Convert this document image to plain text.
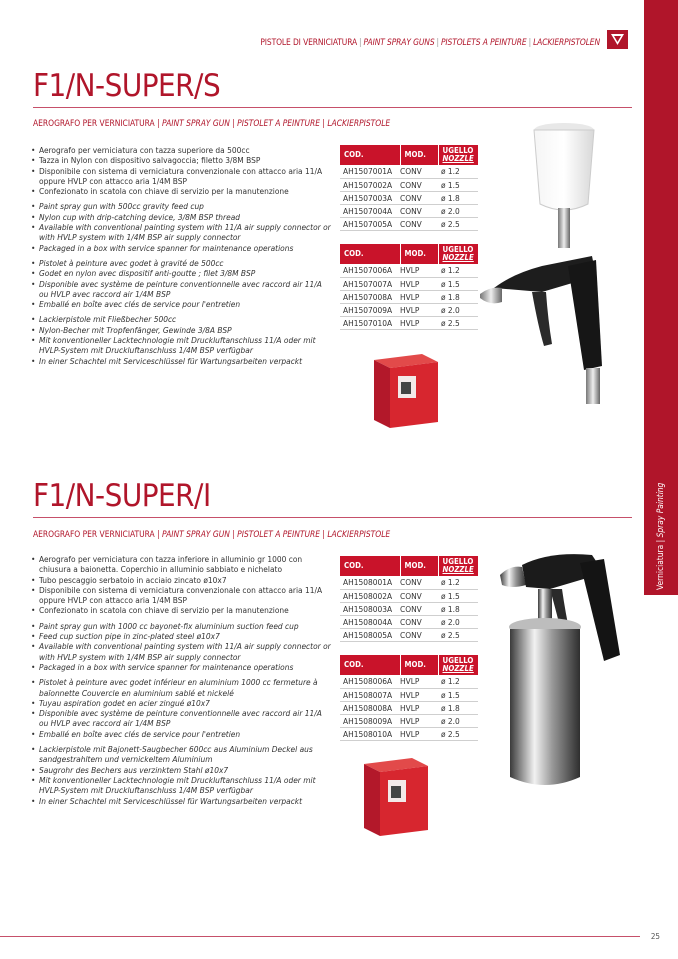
PISTOLE DI VERNICIATURA | PAINT SPRAY GUNS | PISTOLETS A PEINTURE | LACKIERPISTOLEN
Verniciatura | Spray Painting
F1/N-SUPER/S
AEROGRAFO PER VERNICIATURA | PAINT SPRAY GUN | PISTOLET A PEINTURE | LACKIERPISTOLE
• Aerografo per verniciatura con tazza superiore da 500cc
• Tazza in Nylon con dispositivo salvagoccia; filetto 3/8M BSP
• Disponibile con sistema di verniciatura convenzionale con attacco aria 11/A oppure HVLP con attacco aria 1/4M BSP
• Confezionato in scatola con chiave di servizio per la manutenzione
• Paint spray gun with 500cc gravity feed cup
• Nylon cup with drip-catching device, 3/8M BSP thread
• Available with conventional painting system with 11/A air supply connector or with HVLP system with 1/4M BSP air supply connector
• Packaged in a box with service spanner for maintenance operations
• Pistolet à peinture avec godet à gravité de 500cc
• Godet en nylon avec dispositif anti-goutte ; filet 3/8M BSP
• Disponible avec système de peinture conventionnelle avec raccord air 11/A ou HVLP avec raccord air 1/4M BSP
• Emballé en boîte avec clés de service pour l'entretien
• Lackierpistole mit Fließbecher 500cc
• Nylon-Becher mit Tropfenfänger, Gewinde 3/8A BSP
• Mit konventioneller Lacktechnologie mit Druckluftanschluss 11/A oder mit HVLP-System mit Druckluftanschluss 1/4M BSP verfügbar
• In einer Schachtel mit Serviceschlüssel für Wartungsarbeiten verpackt
COD.	MOD.	UGELLO
NOZZLE

AH1507001A	CONV	ø 1.2
AH1507002A	CONV	ø 1.5
AH1507003A	CONV	ø 1.8
AH1507004A	CONV	ø 2.0
AH1507005A	CONV	ø 2.5
COD.	MOD.	UGELLO
NOZZLE

AH1507006A	HVLP	ø 1.2
AH1507007A	HVLP	ø 1.5
AH1507008A	HVLP	ø 1.8
AH1507009A	HVLP	ø 2.0
AH1507010A	HVLP	ø 2.5
F1/N-SUPER/I
AEROGRAFO PER VERNICIATURA | PAINT SPRAY GUN | PISTOLET A PEINTURE | LACKIERPISTOLE
• Aerografo per verniciatura con tazza inferiore in alluminio gr 1000 con chiusura a baionetta. Coperchio in alluminio sabbiato e nichelato
• Tubo pescaggio serbatoio in acciaio zincato ø10x7
• Disponibile con sistema di verniciatura convenzionale con attacco aria 11/A oppure HVLP con attacco aria 1/4M BSP
• Confezionato in scatola con chiave di servizio per la manutenzione
• Paint spray gun with 1000 cc bayonet-fix aluminium suction feed cup
• Feed cup suction pipe in zinc-plated steel ø10x7
• Available with conventional painting system with 11/A air supply connector or with HVLP system with 1/4M BSP air supply connector
• Packaged in a box with service spanner for maintenance operations
• Pistolet à peinture avec godet inférieur en aluminium 1000 cc fermeture à baïonnette Couvercle en aluminium sablé et nickelé
• Tuyau aspiration godet en acier zingué ø10x7
• Disponible avec système de peinture conventionnelle avec raccord air 11/A ou HVLP avec raccord air 1/4M BSP
• Emballé en boîte avec clés de service pour l'entretien
• Lackierpistole mit Bajonett-Saugbecher 600cc aus Aluminium Deckel aus sandgestrahltem und vernickeltem Aluminium
• Saugrohr des Bechers aus verzinktem Stahl ø10x7
• Mit konventioneller Lacktechnologie mit Druckluftanschluss 11/A oder mit HVLP-System mit Druckluftanschluss 1/4M BSP verfügbar
• In einer Schachtel mit Serviceschlüssel für Wartungsarbeiten verpackt
COD.	MOD.	UGELLO
NOZZLE

AH1508001A	CONV	ø 1.2
AH1508002A	CONV	ø 1.5
AH1508003A	CONV	ø 1.8
AH1508004A	CONV	ø 2.0
AH1508005A	CONV	ø 2.5
COD.	MOD.	UGELLO
NOZZLE

AH1508006A	HVLP	ø 1.2
AH1508007A	HVLP	ø 1.5
AH1508008A	HVLP	ø 1.8
AH1508009A	HVLP	ø 2.0
AH1508010A	HVLP	ø 2.5
25
